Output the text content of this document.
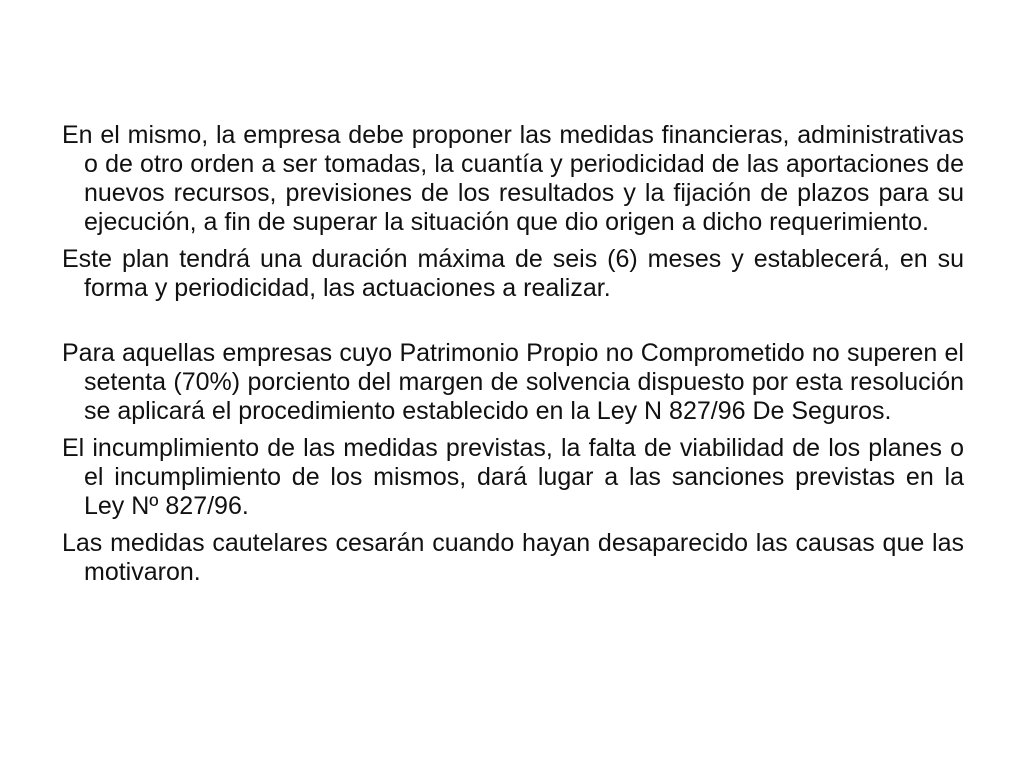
En el mismo, la empresa debe proponer las medidas financieras, administrativas o de otro orden a ser tomadas, la cuantía y periodicidad de las aportaciones de nuevos recursos, previsiones de los resultados y la fijación de plazos para su ejecución, a fin de superar la situación que dio origen a dicho requerimiento.

Este plan tendrá una duración máxima de seis (6) meses y establecerá, en su forma y periodicidad, las actuaciones a realizar.

Para aquellas empresas cuyo Patrimonio Propio no Comprometido no superen el setenta (70%) porciento del margen de solvencia dispuesto por esta resolución se aplicará el procedimiento establecido en la Ley N 827/96 De Seguros.

El incumplimiento de las medidas previstas, la falta de viabilidad de los planes o el incumplimiento de los mismos, dará lugar a las sanciones previstas en la Ley Nº 827/96.

Las medidas cautelares cesarán cuando hayan desaparecido las causas que las motivaron.
